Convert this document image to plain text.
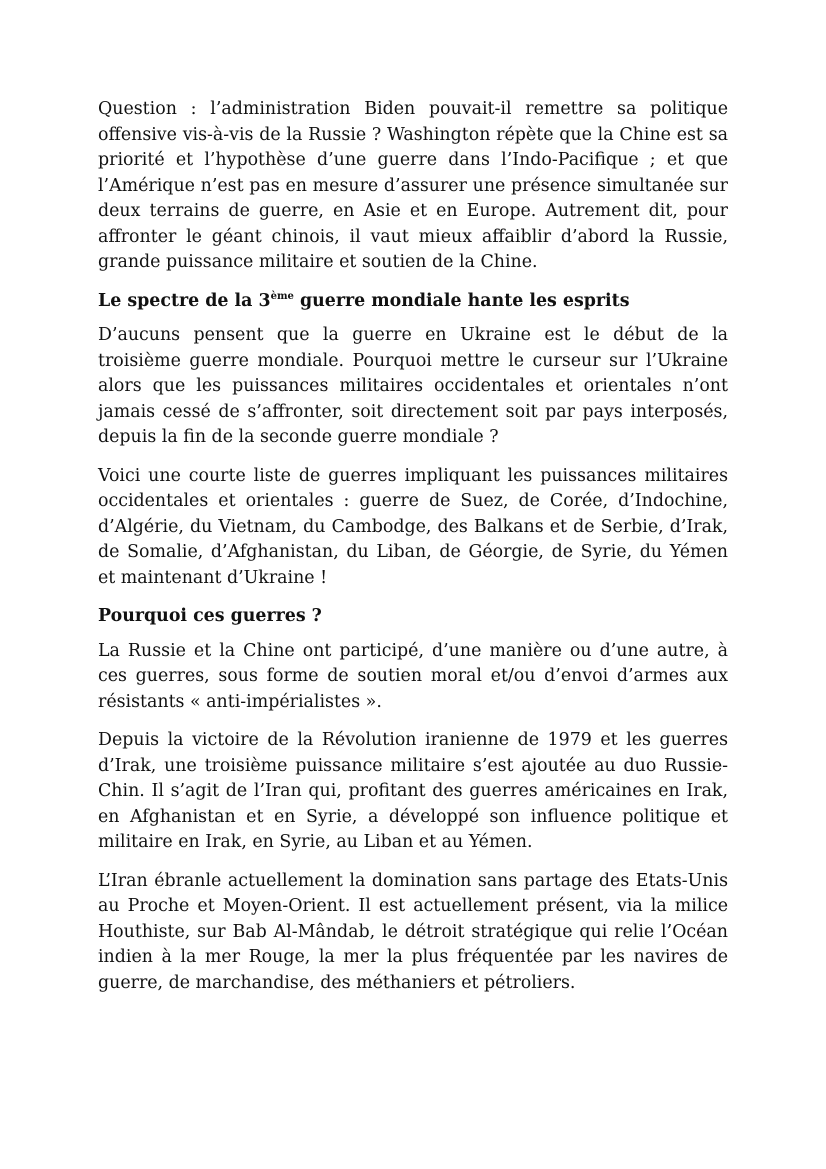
Question : l’administration Biden pouvait-il remettre sa politique offensive vis-à-vis de la Russie ? Washington répète que la Chine est sa priorité et l’hypothèse d’une guerre dans l’Indo-Pacifique ; et que l’Amérique n’est pas en mesure d’assurer une présence simultanée sur deux terrains de guerre, en Asie et en Europe. Autrement dit, pour affronter le géant chinois, il vaut mieux affaiblir d’abord la Russie, grande puissance militaire et soutien de la Chine.

Le spectre de la 3ème guerre mondiale hante les esprits

D’aucuns pensent que la guerre en Ukraine est le début de la troisième guerre mondiale. Pourquoi mettre le curseur sur l’Ukraine alors que les puissances militaires occidentales et orientales n’ont jamais cessé de s’affronter, soit directement soit par pays interposés, depuis la fin de la seconde guerre mondiale ?

Voici une courte liste de guerres impliquant les puissances militaires occidentales et orientales : guerre de Suez, de Corée, d’Indochine, d’Algérie, du Vietnam, du Cambodge, des Balkans et de Serbie, d’Irak, de Somalie, d’Afghanistan, du Liban, de Géorgie, de Syrie, du Yémen et maintenant d’Ukraine !

Pourquoi ces guerres ?

La Russie et la Chine ont participé, d’une manière ou d’une autre, à ces guerres, sous forme de soutien moral et/ou d’envoi d’armes aux résistants « anti-impérialistes ».

Depuis la victoire de la Révolution iranienne de 1979 et les guerres d’Irak, une troisième puissance militaire s’est ajoutée au duo Russie-Chin. Il s’agit de l’Iran qui, profitant des guerres américaines en Irak, en Afghanistan et en Syrie, a développé son influence politique et militaire en Irak, en Syrie, au Liban et au Yémen.

L’Iran ébranle actuellement la domination sans partage des Etats-Unis au Proche et Moyen-Orient. Il est actuellement présent, via la milice Houthiste, sur Bab Al-Mândab, le détroit stratégique qui relie l’Océan indien à la mer Rouge, la mer la plus fréquentée par les navires de guerre, de marchandise, des méthaniers et pétroliers.
